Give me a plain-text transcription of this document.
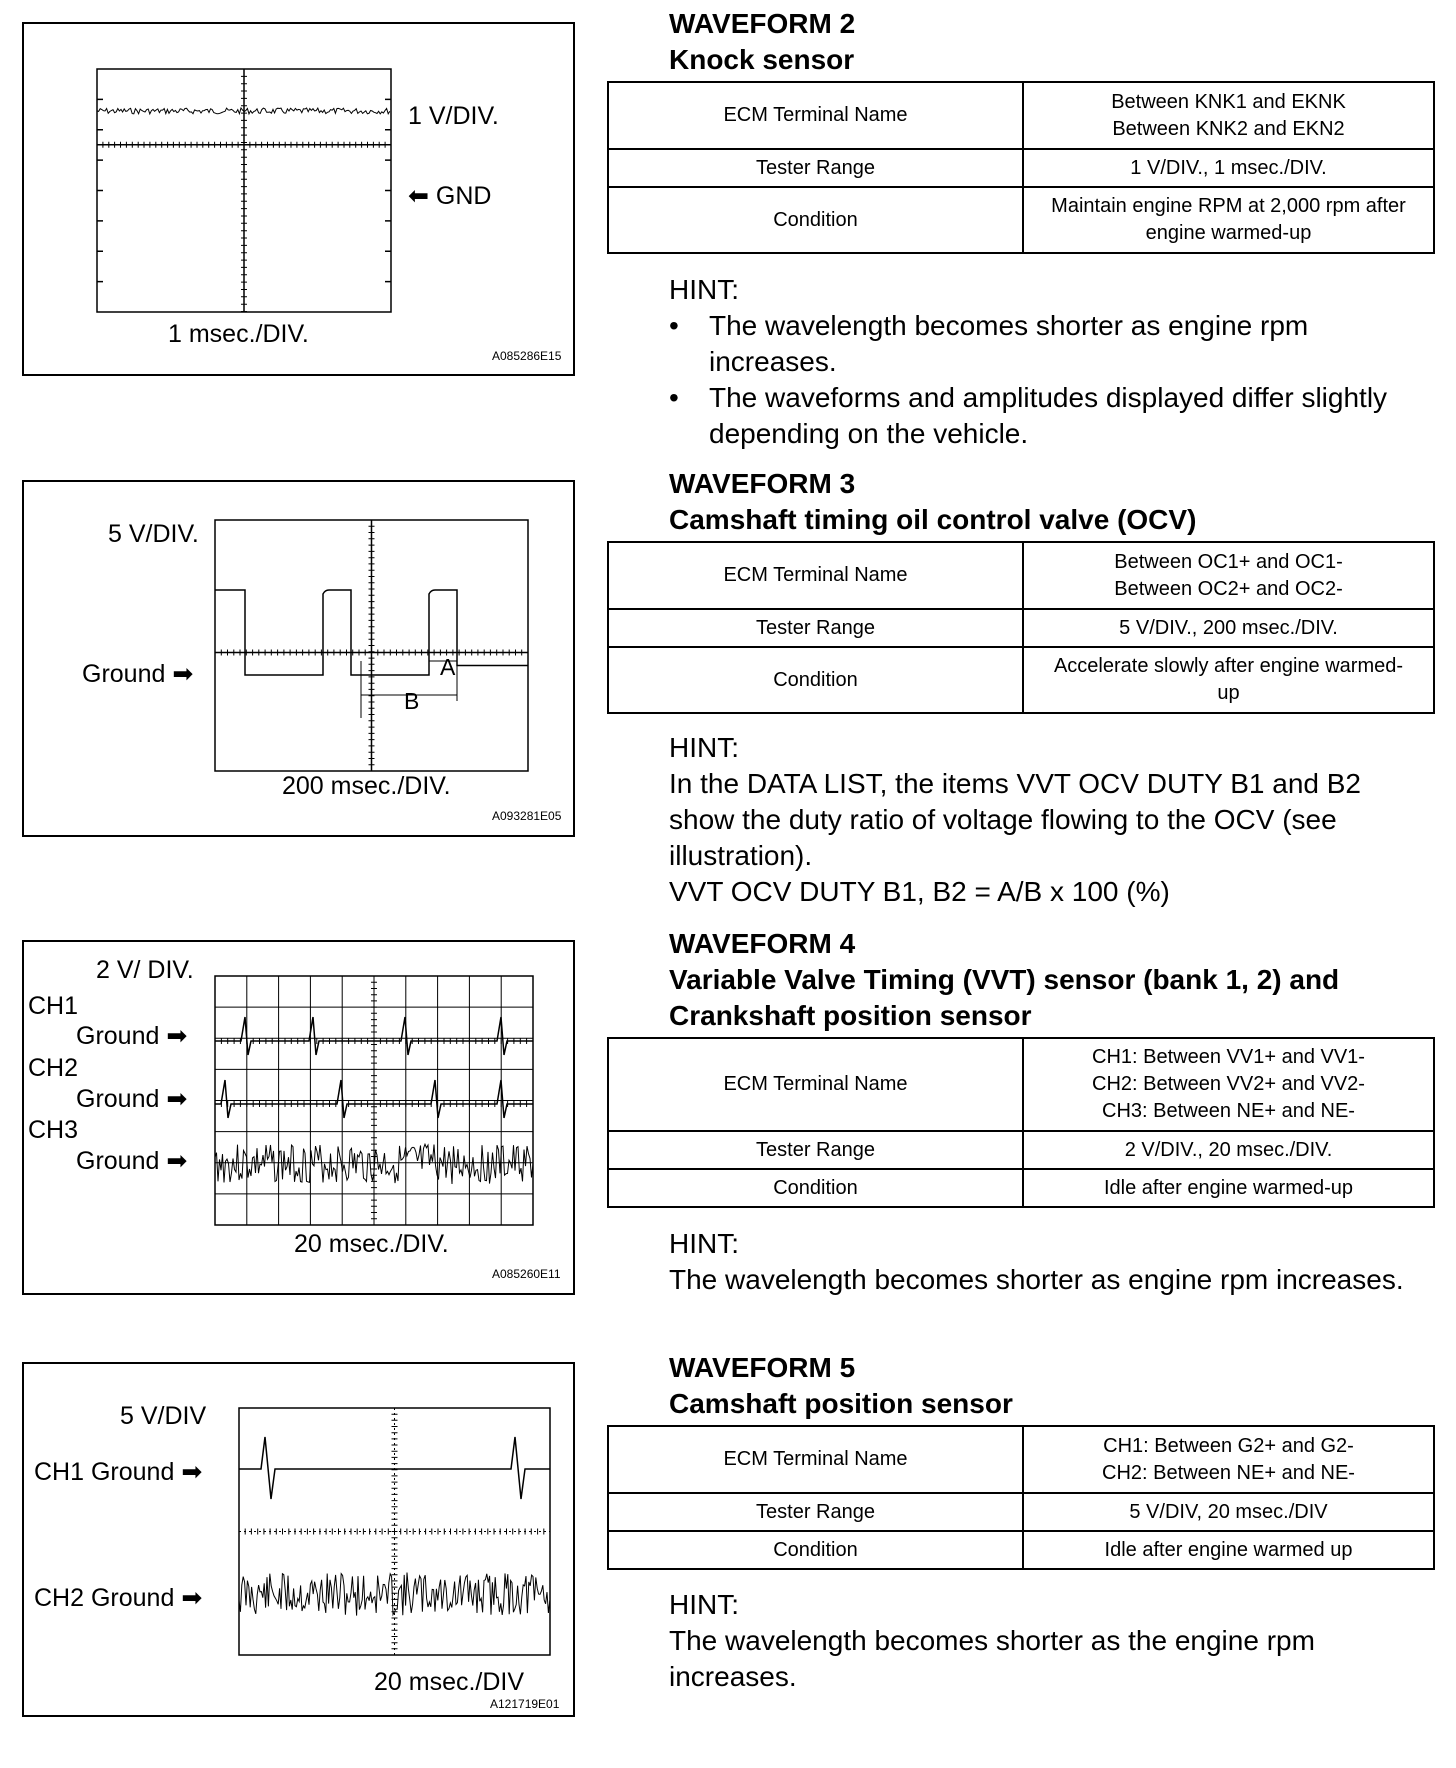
1 V/DIV.
⬅ GND
1 msec./DIV.
A085286E15
5 V/DIV.
Ground ➡	A
B
200 msec./DIV.
A093281E05
2 V/ DIV.
CH1
Ground ➡
CH2
Ground ➡
CH3
Ground ➡
20 msec./DIV.
A085260E11
5 V/DIV
CH1 Ground ➡
CH2 Ground ➡
20 msec./DIV
A121719E01
WAVEFORM 2
Knock sensor
ECM Terminal Name	Between KNK1 and EKNK
Between KNK2 and EKN2

Tester Range	1 V/DIV., 1 msec./DIV.

Condition	Maintain engine RPM at 2,000 rpm after
engine warmed-up

HINT:

• The wavelength becomes shorter as engine rpm increases.
• The waveforms and amplitudes displayed differ slightly depending on the vehicle.
WAVEFORM 3
Camshaft timing oil control valve (OCV)
ECM Terminal Name	Between OC1+ and OC1-
Between OC2+ and OC2-

Tester Range	5 V/DIV., 200 msec./DIV.

Condition	Accelerate slowly after engine warmed-
up

HINT:

In the DATA LIST, the items VVT OCV DUTY B1 and B2 show the duty ratio of voltage flowing to the OCV (see illustration).

VVT OCV DUTY B1, B2 = A/B x 100 (%)

WAVEFORM 4
Variable Valve Timing (VVT) sensor (bank 1, 2) and
Crankshaft position sensor
ECM Terminal Name	CH1: Between VV1+ and VV1-
CH2: Between VV2+ and VV2-
CH3: Between NE+ and NE-

Tester Range	2 V/DIV., 20 msec./DIV.

Condition	Idle after engine warmed-up

HINT:

The wavelength becomes shorter as engine rpm increases.

WAVEFORM 5
Camshaft position sensor
ECM Terminal Name	CH1: Between G2+ and G2-
CH2: Between NE+ and NE-

Tester Range	5 V/DIV, 20 msec./DIV

Condition	Idle after engine warmed up

HINT:

The wavelength becomes shorter as the engine rpm increases.
